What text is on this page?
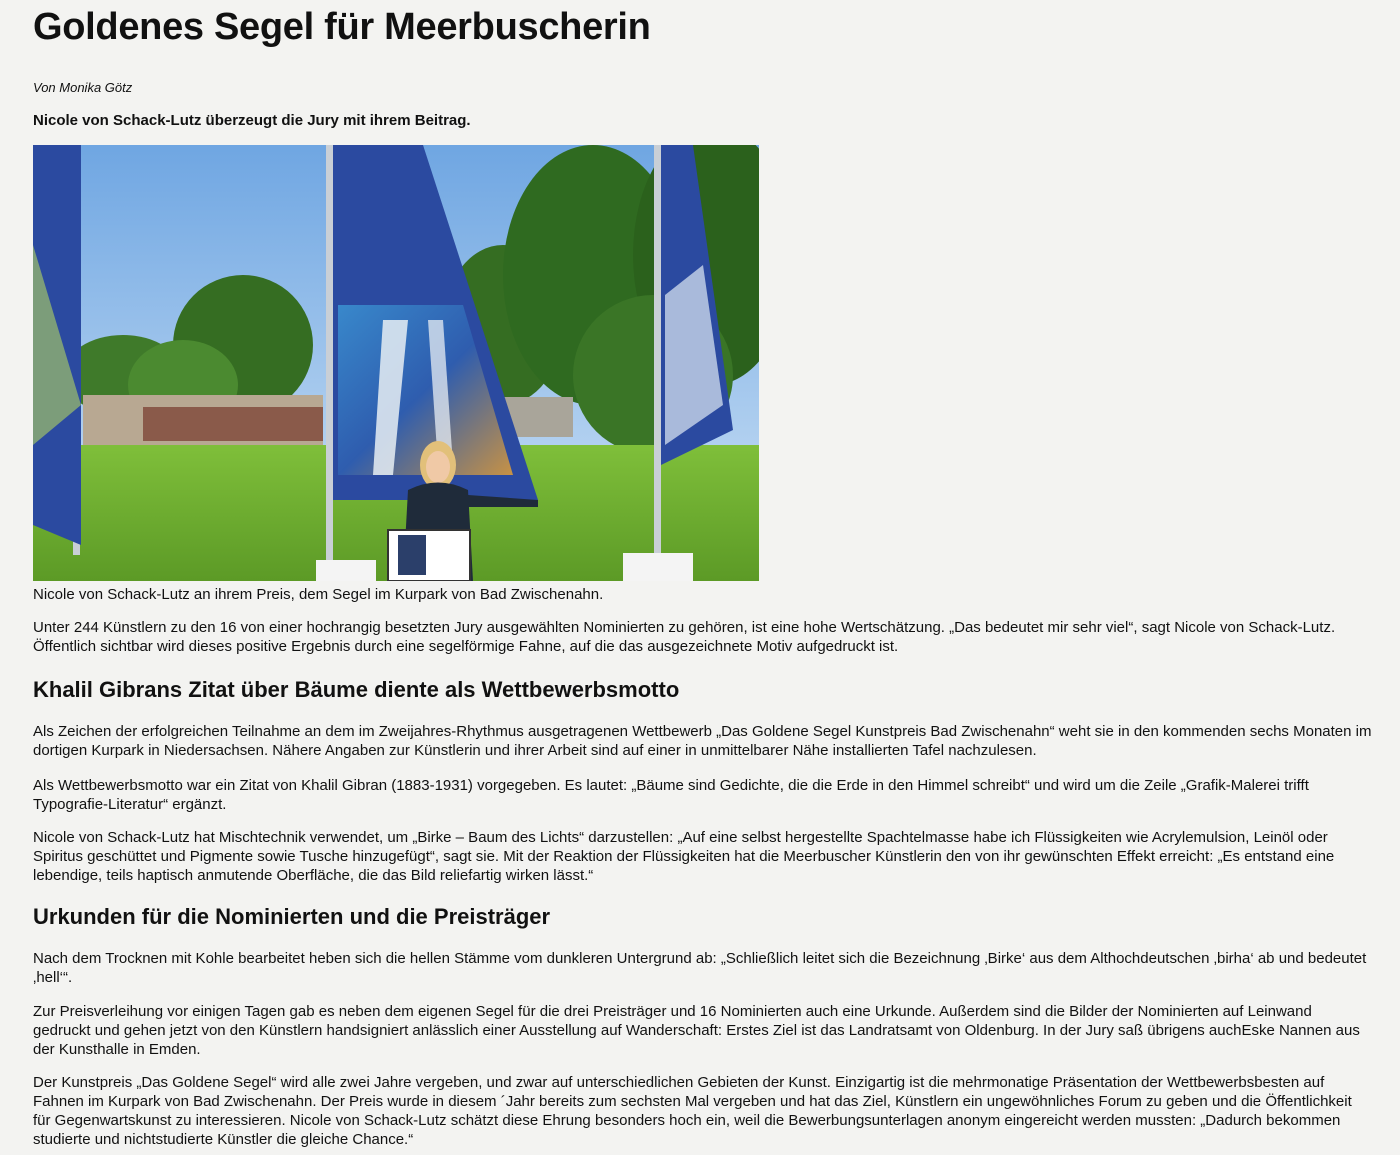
Goldenes Segel für Meerbuscherin
Von Monika Götz
Nicole von Schack-Lutz überzeugt die Jury mit ihrem Beitrag.
Nicole von Schack-Lutz an ihrem Preis, dem Segel im Kurpark von Bad Zwischenahn.

Unter 244 Künstlern zu den 16 von einer hochrangig besetzten Jury ausgewählten Nominierten zu gehören, ist eine hohe Wertschätzung. „Das bedeutet mir sehr viel“, sagt Nicole von Schack-Lutz. Öffentlich sichtbar wird dieses positive Ergebnis durch eine segelförmige Fahne, auf die das ausgezeichnete Motiv aufgedruckt ist.

Khalil Gibrans Zitat über Bäume diente als Wettbewerbsmotto

Als Zeichen der erfolgreichen Teilnahme an dem im Zweijahres-Rhythmus ausgetragenen Wettbewerb „Das Goldene Segel Kunstpreis Bad Zwischenahn“ weht sie in den kommenden sechs Monaten im dortigen Kurpark in Niedersachsen. Nähere Angaben zur Künstlerin und ihrer Arbeit sind auf einer in unmittelbarer Nähe installierten Tafel nachzulesen.

Als Wettbewerbsmotto war ein Zitat von Khalil Gibran (1883-1931) vorgegeben. Es lautet: „Bäume sind Gedichte, die die Erde in den Himmel schreibt“ und wird um die Zeile „Grafik-Malerei trifft Typografie-Literatur“ ergänzt.

Nicole von Schack-Lutz hat Mischtechnik verwendet, um „Birke – Baum des Lichts“ darzustellen: „Auf eine selbst hergestellte Spachtelmasse habe ich Flüssigkeiten wie Acrylemulsion, Leinöl oder Spiritus geschüttet und Pigmente sowie Tusche hinzugefügt“, sagt sie. Mit der Reaktion der Flüssigkeiten hat die Meerbuscher Künstlerin den von ihr gewünschten Effekt erreicht: „Es entstand eine lebendige, teils haptisch anmutende Oberfläche, die das Bild reliefartig wirken lässt.“

Urkunden für die Nominierten und die Preisträger

Nach dem Trocknen mit Kohle bearbeitet heben sich die hellen Stämme vom dunkleren Untergrund ab: „Schließlich leitet sich die Bezeichnung ‚Birke‘ aus dem Althochdeutschen ‚birha‘ ab und bedeutet ‚hell‘“.

Zur Preisverleihung vor einigen Tagen gab es neben dem eigenen Segel für die drei Preisträger und 16 Nominierten auch eine Urkunde. Außerdem sind die Bilder der Nominierten auf Leinwand gedruckt und gehen jetzt von den Künstlern handsigniert anlässlich einer Ausstellung auf Wanderschaft: Erstes Ziel ist das Landratsamt von Oldenburg. In der Jury saß übrigens auchEske Nannen aus der Kunsthalle in Emden.

Der Kunstpreis „Das Goldene Segel“ wird alle zwei Jahre vergeben, und zwar auf unterschiedlichen Gebieten der Kunst. Einzigartig ist die mehrmonatige Präsentation der Wettbewerbsbesten auf Fahnen im Kurpark von Bad Zwischenahn. Der Preis wurde in diesem ´Jahr bereits zum sechsten Mal vergeben und hat das Ziel, Künstlern ein ungewöhnliches Forum zu geben und die Öffentlichkeit für Gegenwartskunst zu interessieren. Nicole von Schack-Lutz schätzt diese Ehrung besonders hoch ein, weil die Bewerbungsunterlagen anonym eingereicht werden mussten: „Dadurch bekommen studierte und nichtstudierte Künstler die gleiche Chance.“
